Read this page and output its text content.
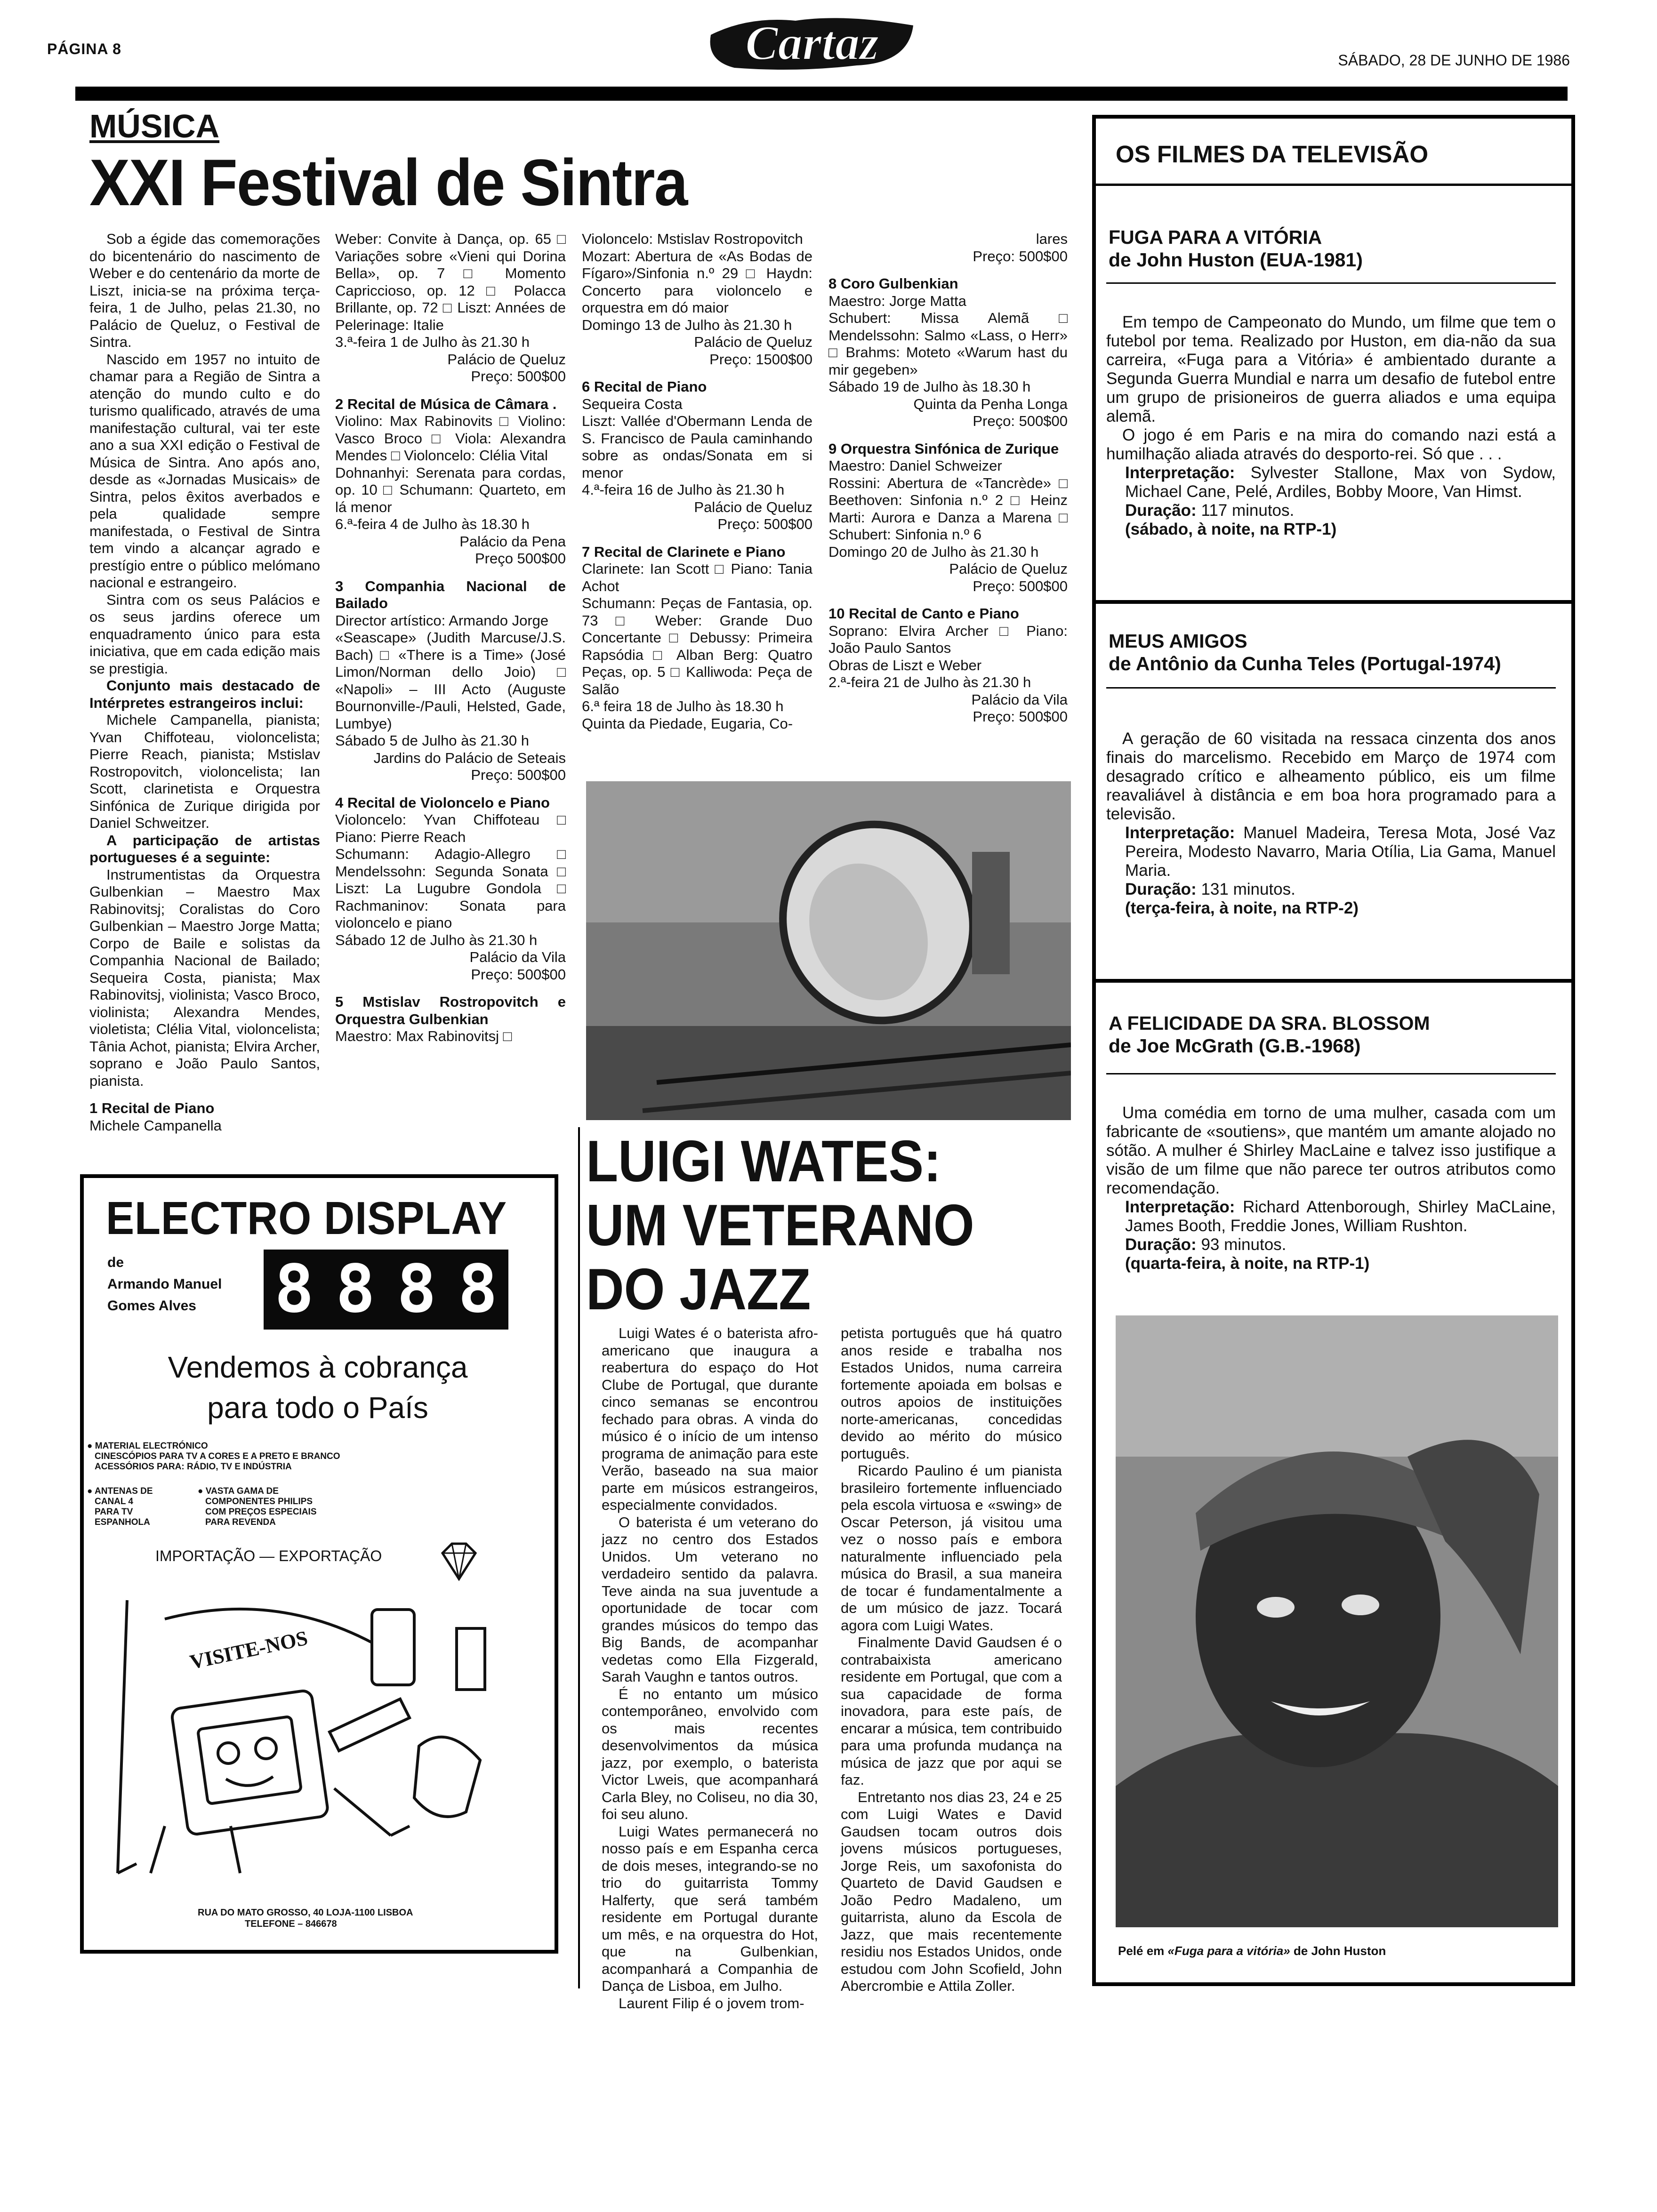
PÁGINA 8	Cartaz	SÁBADO, 28 DE JUNHO DE 1986
MÚSICA
XXI Festival de Sintra

Sob a égide das comemorações do bicentenário do nascimento de Weber e do centenário da morte de Liszt, inicia-se na próxima terça-feira, 1 de Julho, pelas 21.30, no Palácio de Queluz, o Festival de Sintra.

Nascido em 1957 no intuito de chamar para a Região de Sintra a atenção do mundo culto e do turismo qualificado, através de uma manifestação cultural, vai ter este ano a sua XXI edição o Festival de Música de Sintra. Ano após ano, desde as «Jornadas Musicais» de Sintra, pelos êxitos averbados e pela qualidade sempre manifestada, o Festival de Sintra tem vindo a alcançar agrado e prestígio entre o público melómano nacional e estrangeiro.

Sintra com os seus Palácios e os seus jardins oferece um enquadramento único para esta iniciativa, que em cada edição mais se prestigia.

Conjunto mais destacado de Intérpretes estrangeiros inclui:

Michele Campanella, pianista; Yvan Chiffoteau, violoncelista; Pierre Reach, pianista; Mstislav Rostropovitch, violoncelista; Ian Scott, clarinetista e Orquestra Sinfónica de Zurique dirigida por Daniel Schweitzer.

A participação de artistas portugueses é a seguinte:

Instrumentistas da Orquestra Gulbenkian – Maestro Max Rabinovitsj; Coralistas do Coro Gulbenkian – Maestro Jorge Matta; Corpo de Baile e solistas da Companhia Nacional de Bailado; Sequeira Costa, pianista; Max Rabinovitsj, violinista; Vasco Broco, violinista; Alexandra Mendes, violetista; Clélia Vital, violoncelista; Tânia Achot, pianista; Elvira Archer, soprano e João Paulo Santos, pianista.

1 Recital de Piano

Michele Campanella

Weber: Convite à Dança, op. 65 □ Variações sobre «Vieni qui Dorina Bella», op. 7 □ Momento Capriccioso, op. 12 □ Polacca Brillante, op. 72 □ Liszt: Années de Pelerinage: Italie

3.ª-feira 1 de Julho às 21.30 h

Palácio de Queluz

Preço: 500$00

2 Recital de Música de Câmara .

Violino: Max Rabinovits □ Violino: Vasco Broco □ Viola: Alexandra Mendes □ Violoncelo: Clélia Vital

Dohnanhyi: Serenata para cordas, op. 10 □ Schumann: Quarteto, em lá menor

6.ª-feira 4 de Julho às 18.30 h

Palácio da Pena

Preço 500$00

3 Companhia Nacional de Bailado

Director artístico: Armando Jorge

«Seascape» (Judith Marcuse/J.S. Bach) □ «There is a Time» (José Limon/Norman dello Joio) □ «Napoli» – III Acto (Auguste Bournonville-/Pauli, Helsted, Gade, Lumbye)

Sábado 5 de Julho às 21.30 h

Jardins do Palácio de Seteais

Preço: 500$00

4 Recital de Violoncelo e Piano

Violoncelo: Yvan Chiffoteau □ Piano: Pierre Reach

Schumann: Adagio-Allegro □ Mendelssohn: Segunda Sonata □ Liszt: La Lugubre Gondola □ Rachmaninov: Sonata para violoncelo e piano

Sábado 12 de Julho às 21.30 h

Palácio da Vila

Preço: 500$00

5 Mstislav Rostropovitch e Orquestra Gulbenkian

Maestro: Max Rabinovitsj □

Violoncelo: Mstislav Rostropovitch

Mozart: Abertura de «As Bodas de Fígaro»/Sinfonia n.º 29 □ Haydn: Concerto para violoncelo e orquestra em dó maior

Domingo 13 de Julho às 21.30 h

Palácio de Queluz

Preço: 1500$00

6 Recital de Piano

Sequeira Costa

Liszt: Vallée d'Obermann Lenda de S. Francisco de Paula caminhando sobre as ondas/Sonata em si menor

4.ª-feira 16 de Julho às 21.30 h

Palácio de Queluz

Preço: 500$00

7 Recital de Clarinete e Piano

Clarinete: Ian Scott □ Piano: Tania Achot

Schumann: Peças de Fantasia, op. 73 □ Weber: Grande Duo Concertante □ Debussy: Primeira Rapsódia □ Alban Berg: Quatro Peças, op. 5 □ Kalliwoda: Peça de Salão

6.ª feira 18 de Julho às 18.30 h

Quinta da Piedade, Eugaria, Co-

lares

Preço: 500$00

8 Coro Gulbenkian

Maestro: Jorge Matta

Schubert: Missa Alemã □ Mendelssohn: Salmo «Lass, o Herr» □ Brahms: Moteto «Warum hast du mir gegeben»

Sábado 19 de Julho às 18.30 h

Quinta da Penha Longa

Preço: 500$00

9 Orquestra Sinfónica de Zurique

Maestro: Daniel Schweizer

Rossini: Abertura de «Tancrède» □ Beethoven: Sinfonia n.º 2 □ Heinz Marti: Aurora e Danza a Marena □ Schubert: Sinfonia n.º 6

Domingo 20 de Julho às 21.30 h

Palácio de Queluz

Preço: 500$00

10 Recital de Canto e Piano

Soprano: Elvira Archer □ Piano: João Paulo Santos

Obras de Liszt e Weber

2.ª-feira 21 de Julho às 21.30 h

Palácio da Vila

Preço: 500$00

LUIGI WATES:
UM VETERANO
DO JAZZ

Luigi Wates é o baterista afro-americano que inaugura a reabertura do espaço do Hot Clube de Portugal, que durante cinco semanas se encontrou fechado para obras. A vinda do músico é o início de um intenso programa de animação para este Verão, baseado na sua maior parte em músicos estrangeiros, especialmente convidados.

O baterista é um veterano do jazz no centro dos Estados Unidos. Um veterano no verdadeiro sentido da palavra. Teve ainda na sua juventude a oportunidade de tocar com grandes músicos do tempo das Big Bands, de acompanhar vedetas como Ella Fizgerald, Sarah Vaughn e tantos outros.

É no entanto um músico contemporâneo, envolvido com os mais recentes desenvolvimentos da música jazz, por exemplo, o baterista Victor Lweis, que acompanhará Carla Bley, no Coliseu, no dia 30, foi seu aluno.

Luigi Wates permanecerá no nosso país e em Espanha cerca de dois meses, integrando-se no trio do guitarrista Tommy Halferty, que será também residente em Portugal durante um mês, e na orquestra do Hot, que na Gulbenkian, acompanhará a Companhia de Dança de Lisboa, em Julho.

Laurent Filip é o jovem trom-

petista português que há quatro anos reside e trabalha nos Estados Unidos, numa carreira fortemente apoiada em bolsas e outros apoios de instituições norte-americanas, concedidas devido ao mérito do músico português.

Ricardo Paulino é um pianista brasileiro fortemente influenciado pela escola virtuosa e «swing» de Oscar Peterson, já visitou uma vez o nosso país e embora naturalmente influenciado pela música do Brasil, a sua maneira de tocar é fundamentalmente a de um músico de jazz. Tocará agora com Luigi Wates.

Finalmente David Gaudsen é o contrabaixista americano residente em Portugal, que com a sua capacidade de forma inovadora, para este país, de encarar a música, tem contribuido para uma profunda mudança na música de jazz que por aqui se faz.

Entretanto nos dias 23, 24 e 25 com Luigi Wates e David Gaudsen tocam outros dois jovens músicos portugueses, Jorge Reis, um saxofonista do Quarteto de David Gaudsen e João Pedro Madaleno, um guitarrista, aluno da Escola de Jazz, que mais recentemente residiu nos Estados Unidos, onde estudou com John Scofield, John Abercrombie e Attila Zoller.

ELECTRO DISPLAY
de
Armando Manuel
Gomes Alves	8 8 8 8
Vendemos à cobrança
para todo o País
● MATERIAL ELECTRÓNICO
CINESCÓPIOS PARA TV A CORES E A PRETO E BRANCO
ACESSÓRIOS PARA: RÁDIO, TV E INDÚSTRIA
● ANTENAS DE
CANAL 4
PARA TV
ESPANHOLA
● VASTA GAMA DE
COMPONENTES PHILIPS
COM PREÇOS ESPECIAIS
PARA REVENDA
IMPORTAÇÃO — EXPORTAÇÃO
VISITE-NOS
RUA DO MATO GROSSO, 40 LOJA-1100 LISBOA
TELEFONE – 846678
OS FILMES DA TELEVISÃO
FUGA PARA A VITÓRIA
de John Huston (EUA-1981)

Em tempo de Campeonato do Mundo, um filme que tem o futebol por tema. Realizado por Huston, em dia-não da sua carreira, «Fuga para a Vitória» é ambientado durante a Segunda Guerra Mundial e narra um desafio de futebol entre um grupo de prisioneiros de guerra aliados e uma equipa alemã.

O jogo é em Paris e na mira do comando nazi está a humilhação aliada através do desporto-rei. Só que . . .

Interpretação: Sylvester Stallone, Max von Sydow, Michael Cane, Pelé, Ardiles, Bobby Moore, Van Himst.

Duração: 117 minutos.

(sábado, à noite, na RTP-1)

MEUS AMIGOS
de Antônio da Cunha Teles (Portugal-1974)

A geração de 60 visitada na ressaca cinzenta dos anos finais do marcelismo. Recebido em Março de 1974 com desagrado crítico e alheamento público, eis um filme reavaliável à distância e em boa hora programado para a televisão.

Interpretação: Manuel Madeira, Teresa Mota, José Vaz Pereira, Modesto Navarro, Maria Otília, Lia Gama, Manuel Maria.

Duração: 131 minutos.

(terça-feira, à noite, na RTP-2)

A FELICIDADE DA SRA. BLOSSOM
de Joe McGrath (G.B.-1968)

Uma comédia em torno de uma mulher, casada com um fabricante de «soutiens», que mantém um amante alojado no sótão. A mulher é Shirley MacLaine e talvez isso justifique a visão de um filme que não parece ter outros atributos como recomendação.

Interpretação: Richard Attenborough, Shirley MaCLaine, James Booth, Freddie Jones, William Rushton.

Duração: 93 minutos.

(quarta-feira, à noite, na RTP-1)

Pelé em «Fuga para a vitória» de John Huston
